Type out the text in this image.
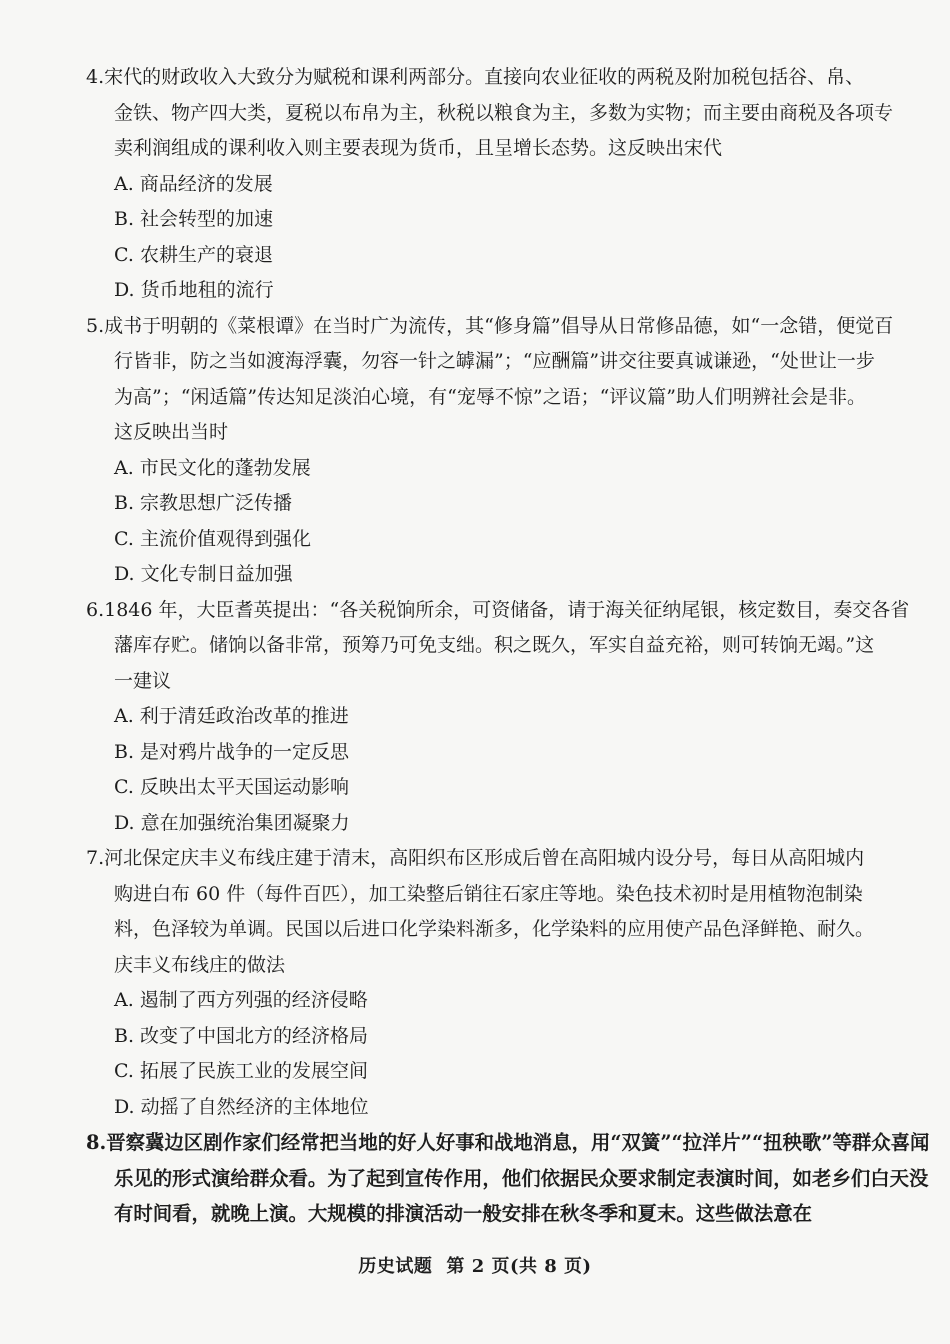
4.宋代的财政收入大致分为赋税和课利两部分。直接向农业征收的两税及附加税包括谷、帛、
金铁、物产四大类，夏税以布帛为主，秋税以粮食为主，多数为实物；而主要由商税及各项专
卖利润组成的课利收入则主要表现为货币，且呈增长态势。这反映出宋代
A. 商品经济的发展
B. 社会转型的加速
C. 农耕生产的衰退
D. 货币地租的流行
5.成书于明朝的《菜根谭》在当时广为流传，其“修身篇”倡导从日常修品德，如“一念错，便觉百
行皆非，防之当如渡海浮囊，勿容一针之罅漏”；“应酬篇”讲交往要真诚谦逊，“处世让一步
为高”；“闲适篇”传达知足淡泊心境，有“宠辱不惊”之语；“评议篇”助人们明辨社会是非。
这反映出当时
A. 市民文化的蓬勃发展
B. 宗教思想广泛传播
C. 主流价值观得到强化
D. 文化专制日益加强
6.1846 年，大臣耆英提出：“各关税饷所余，可资储备，请于海关征纳尾银，核定数目，奏交各省
藩库存贮。储饷以备非常，预筹乃可免支绌。积之既久，军实自益充裕，则可转饷无竭。”这
一建议
A. 利于清廷政治改革的推进
B. 是对鸦片战争的一定反思
C. 反映出太平天国运动影响
D. 意在加强统治集团凝聚力
7.河北保定庆丰义布线庄建于清末，高阳织布区形成后曾在高阳城内设分号，每日从高阳城内
购进白布 60 件（每件百匹），加工染整后销往石家庄等地。染色技术初时是用植物泡制染
料，色泽较为单调。民国以后进口化学染料渐多，化学染料的应用使产品色泽鲜艳、耐久。
庆丰义布线庄的做法
A. 遏制了西方列强的经济侵略
B. 改变了中国北方的经济格局
C. 拓展了民族工业的发展空间
D. 动摇了自然经济的主体地位
8.晋察冀边区剧作家们经常把当地的好人好事和战地消息，用“双簧”“拉洋片”“扭秧歌”等群众喜闻
乐见的形式演给群众看。为了起到宣传作用，他们依据民众要求制定表演时间，如老乡们白天没
有时间看，就晚上演。大规模的排演活动一般安排在秋冬季和夏末。这些做法意在
历史试题 第 2 页(共 8 页)
